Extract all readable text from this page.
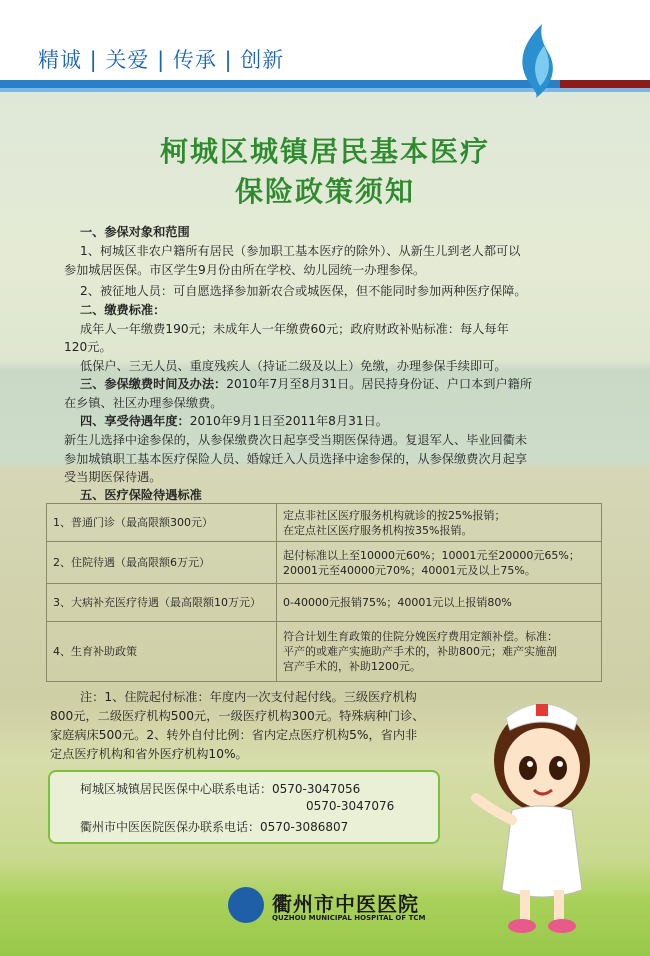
精诚 | 关爱 | 传承 | 创新
柯城区城镇居民基本医疗
保险政策须知
一、参保对象和范围
1、柯城区非农户籍所有居民（参加职工基本医疗的除外）、从新生儿到老人都可以
参加城居医保。市区学生9月份由所在学校、幼儿园统一办理参保。
2、被征地人员：可自愿选择参加新农合或城医保，但不能同时参加两种医疗保障。
二、缴费标准：
成年人一年缴费190元；未成年人一年缴费60元；政府财政补贴标准：每人每年
120元。
低保户、三无人员、重度残疾人（持证二级及以上）免缴，办理参保手续即可。
三、参保缴费时间及办法：2010年7月至8月31日。居民持身份证、户口本到户籍所
在乡镇、社区办理参保缴费。
四、享受待遇年度：2010年9月1日至2011年8月31日。
新生儿选择中途参保的，从参保缴费次日起享受当期医保待遇。复退军人、毕业回衢未
参加城镇职工基本医疗保险人员、婚嫁迁入人员选择中途参保的，从参保缴费次月起享
受当期医保待遇。
五、医疗保险待遇标准
1、普通门诊（最高限额300元）	定点非社区医疗服务机构就诊的按25%报销；
在定点社区医疗服务机构按35%报销。

2、住院待遇（最高限额6万元）	起付标准以上至10000元60%；10001元至20000元65%；
20001元至40000元70%；40001元及以上75%。

3、大病补充医疗待遇（最高限额10万元）	0-40000元报销75%；40001元以上报销80%

4、生育补助政策	符合计划生育政策的住院分娩医疗费用定额补偿。标准：
平产的或难产实施助产手术的，补助800元；难产实施剖
宫产手术的，补助1200元。
注：1、住院起付标准：年度内一次支付起付线。三级医疗机构
800元，二级医疗机构500元，一级医疗机构300元。特殊病种门诊、
家庭病床500元。2、转外自付比例：省内定点医疗机构5%，省内非
定点医疗机构和省外医疗机构10%。
柯城区城镇居民医保中心联系电话：0570-3047056
0570-3047076
衢州市中医医院医保办联系电话：0570-3086807
衢州市中医医院
QUZHOU MUNICIPAL HOSPITAL OF TCM
